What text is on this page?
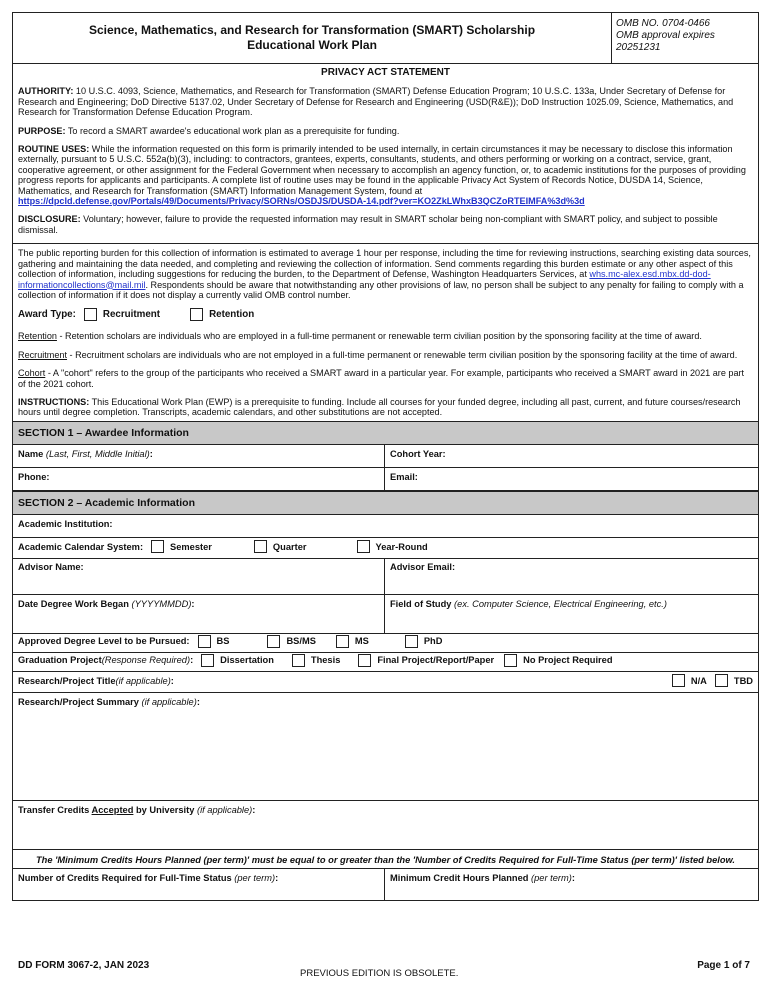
Science, Mathematics, and Research for Transformation (SMART) Scholarship
Educational Work Plan
OMB NO. 0704-0466
OMB approval expires
20251231
PRIVACY ACT STATEMENT

AUTHORITY: 10 U.S.C. 4093, Science, Mathematics, and Research for Transformation (SMART) Defense Education Program; 10 U.S.C. 133a, Under Secretary of Defense for Research and Engineering; DoD Directive 5137.02, Under Secretary of Defense for Research and Engineering (USD(R&E)); DoD Instruction 1025.09, Science, Mathematics, and Research for Transformation Defense Education Program.

PURPOSE: To record a SMART awardee's educational work plan as a prerequisite for funding.

ROUTINE USES: While the information requested on this form is primarily intended to be used internally, in certain circumstances it may be necessary to disclose this information externally, pursuant to 5 U.S.C. 552a(b)(3), including: to contractors, grantees, experts, consultants, students, and others performing or working on a contract, service, grant, cooperative agreement, or other assignment for the Federal Government when necessary to accomplish an agency function, or, to academic institutions for the purposes of providing progress reports for applicants and participants. A complete list of routine uses may be found in the applicable Privacy Act System of Records Notice, DUSDA 14, Science, Mathematics, and Research for Transformation (SMART) Information Management System, found at https://dpcld.defense.gov/Portals/49/Documents/Privacy/SORNs/OSDJS/DUSDA-14.pdf?ver=KO2ZkLWhxB3QCZoRTEIMFA%3d%3d

DISCLOSURE: Voluntary; however, failure to provide the requested information may result in SMART scholar being non-compliant with SMART policy, and subject to possible dismissal.

The public reporting burden for this collection of information is estimated to average 1 hour per response, including the time for reviewing instructions, searching existing data sources, gathering and maintaining the data needed, and completing and reviewing the collection of information. Send comments regarding this burden estimate or any other aspect of this collection of information, including suggestions for reducing the burden, to the Department of Defense, Washington Headquarters Services, at whs.mc-alex.esd.mbx.dd-dod-informationcollections@mail.mil. Respondents should be aware that notwithstanding any other provisions of law, no person shall be subject to any penalty for failing to comply with a collection of information if it does not display a currently valid OMB control number.

Award Type:	Recruitment	Retention

Retention - Retention scholars are individuals who are employed in a full-time permanent or renewable term civilian position by the sponsoring facility at the time of award.

Recruitment - Recruitment scholars are individuals who are not employed in a full-time permanent or renewable term civilian position by the sponsoring facility at the time of award.

Cohort - A "cohort" refers to the group of the participants who received a SMART award in a particular year. For example, participants who received a SMART award in 2021 are part of the 2021 cohort.

INSTRUCTIONS: This Educational Work Plan (EWP) is a prerequisite to funding. Include all courses for your funded degree, including all past, current, and future courses/research hours until degree completion. Transcripts, academic calendars, and other substitutions are not accepted.

SECTION 1 – Awardee Information
Name (Last, First, Middle Initial):	Cohort Year:
Phone:	Email:
SECTION 2 – Academic Information
Academic Institution:
Academic Calendar System:	Semester	Quarter	Year-Round
Advisor Name:	Advisor Email:
Date Degree Work Began (YYYYMMDD):	Field of Study (ex. Computer Science, Electrical Engineering, etc.)
Approved Degree Level to be Pursued:	BS	BS/MS	MS	PhD
Graduation Project (Response Required) :	Dissertation	Thesis	Final Project/Report/Paper	No Project Required
Research/Project Title (if applicable) :	N/A	TBD
Research/Project Summary (if applicable):
Transfer Credits Accepted by University (if applicable):
The 'Minimum Credits Hours Planned (per term)' must be equal to or greater than the 'Number of Credits Required for Full-Time Status (per term)' listed below.
Number of Credits Required for Full-Time Status (per term):	Minimum Credit Hours Planned (per term):
DD FORM 3067-2, JAN 2023
PREVIOUS EDITION IS OBSOLETE.
Page 1 of 7
